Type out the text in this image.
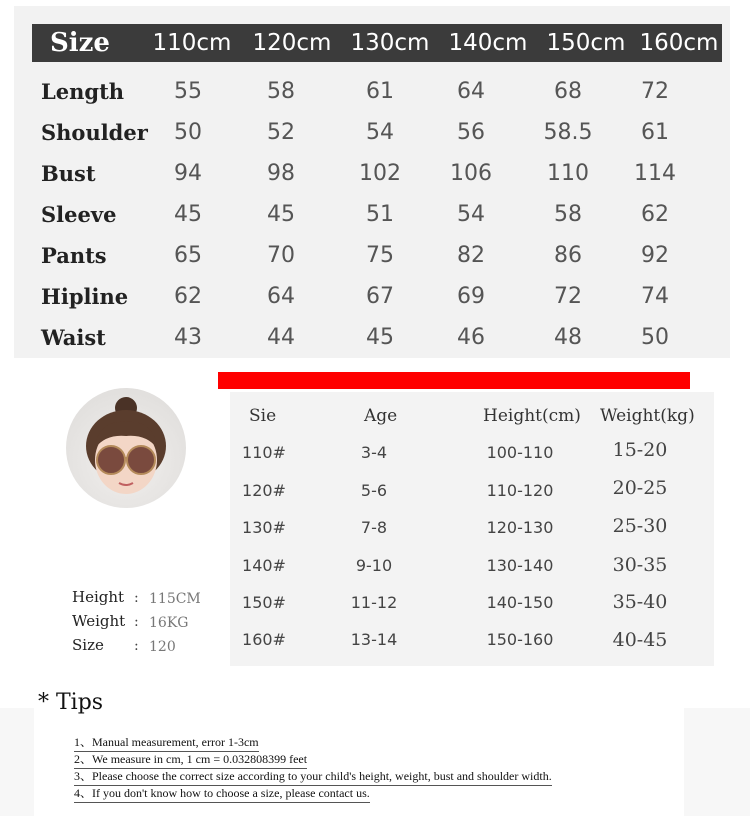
Size	110cm 120cm 130cm 140cm 150cm 160cm
Length	55	58	61	64	68	72
Shoulder	50	52	54	56	58.5	61
Bust	94	98	102	106	110	114
Sleeve	45	45	51	54	58	62
Pants	65	70	75	82	86	92
Hipline	62	64	67	69	72	74
Waist	43	44	45	46	48	50
Height : 115CM
Weight : 16KG
Size : 120
Sie	Age	Height(cm) Weight(kg)
110#	3-4	100-110	15-20
120#	5-6	110-120	20-25
130#	7-8	120-130	25-30
140#	9-10	130-140	30-35
150#	11-12	140-150	35-40
160#	13-14	150-160	40-45
* Tips
1、Manual measurement, error 1-3cm
2、We measure in cm, 1 cm = 0.032808399 feet
3、Please choose the correct size according to your child's height, weight, bust and shoulder width.
4、If you don't know how to choose a size, please contact us.
